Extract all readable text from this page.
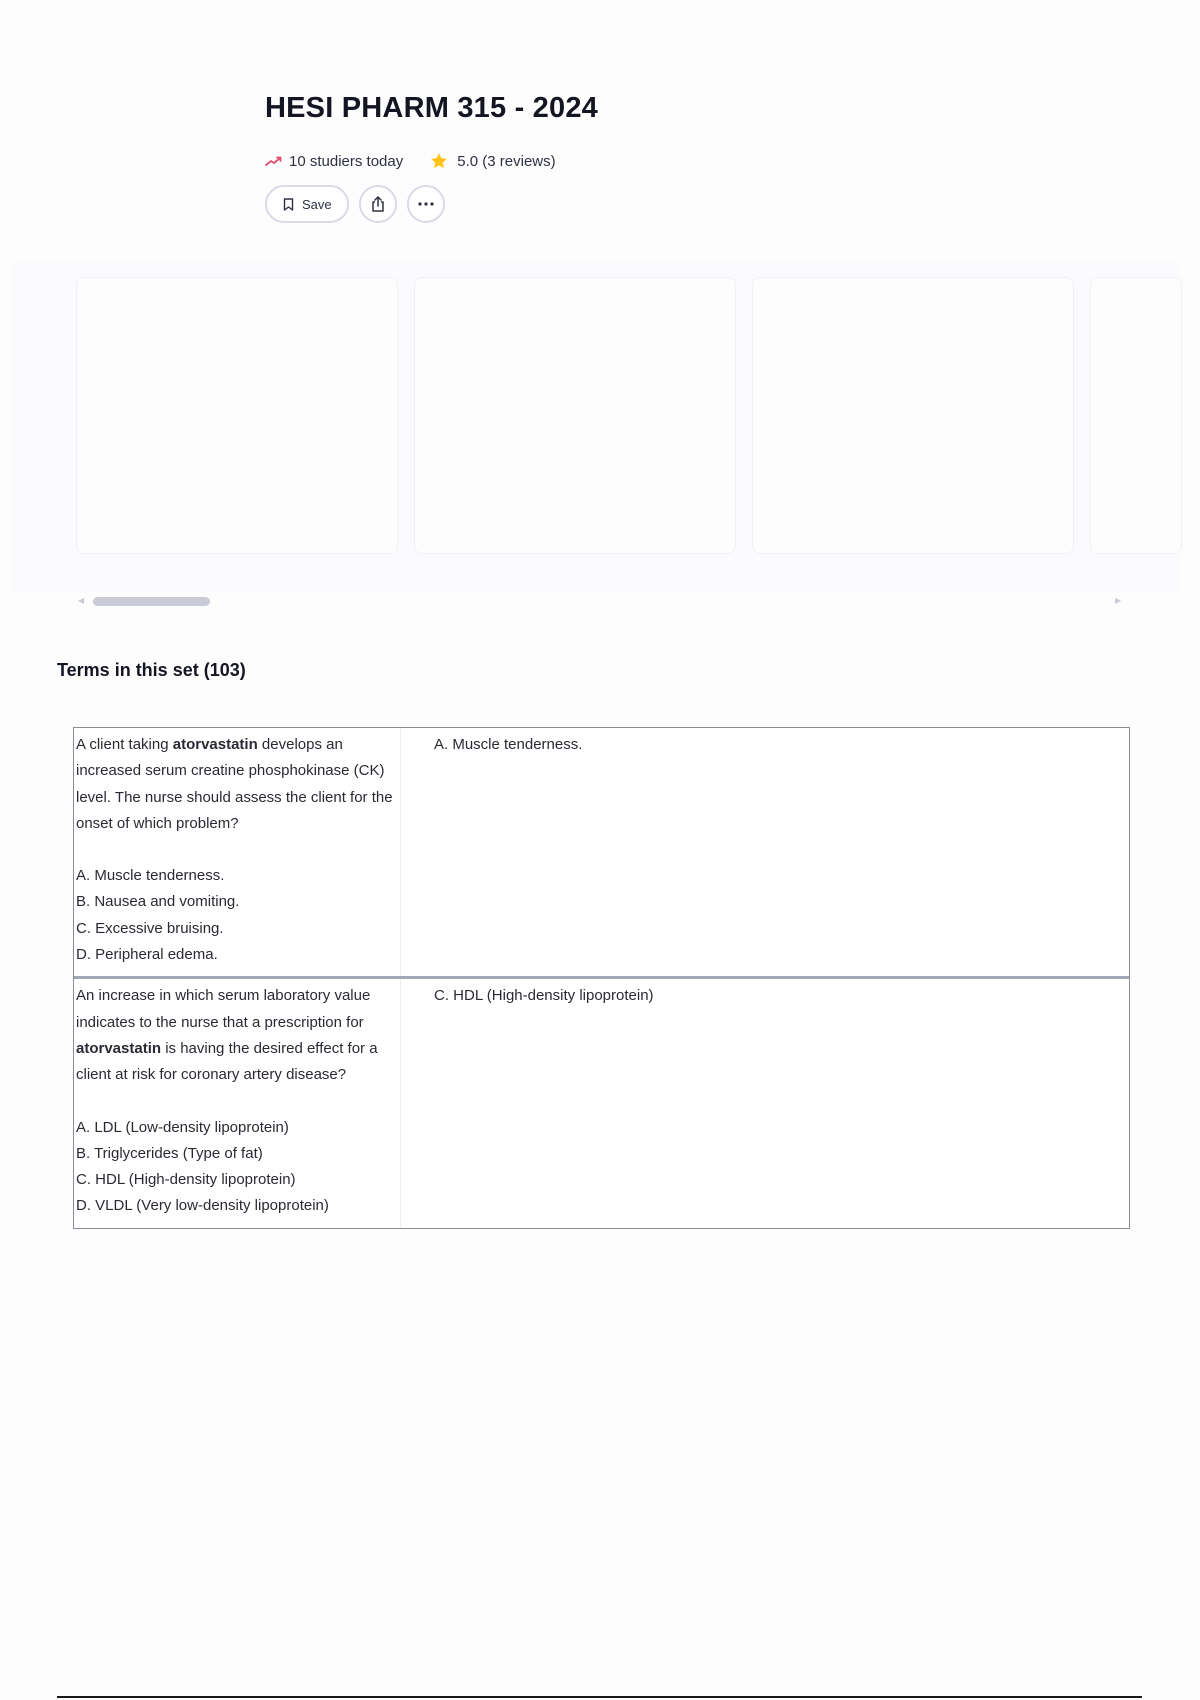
HESI PHARM 315 - 2024
10 studiers today	5.0 (3 reviews)
Save
◀	▶
Terms in this set (103)
A client taking atorvastatin develops an increased serum creatine phosphokinase (CK) level. The nurse should assess the client for the onset of which problem?
A. Muscle tenderness.
B. Nausea and vomiting.
C. Excessive bruising.
D. Peripheral edema.
A. Muscle tenderness.
An increase in which serum laboratory value indicates to the nurse that a prescription for atorvastatin is having the desired effect for a client at risk for coronary artery disease?
A. LDL (Low-density lipoprotein)
B. Triglycerides (Type of fat)
C. HDL (High-density lipoprotein)
D. VLDL (Very low-density lipoprotein)
C. HDL (High-density lipoprotein)
